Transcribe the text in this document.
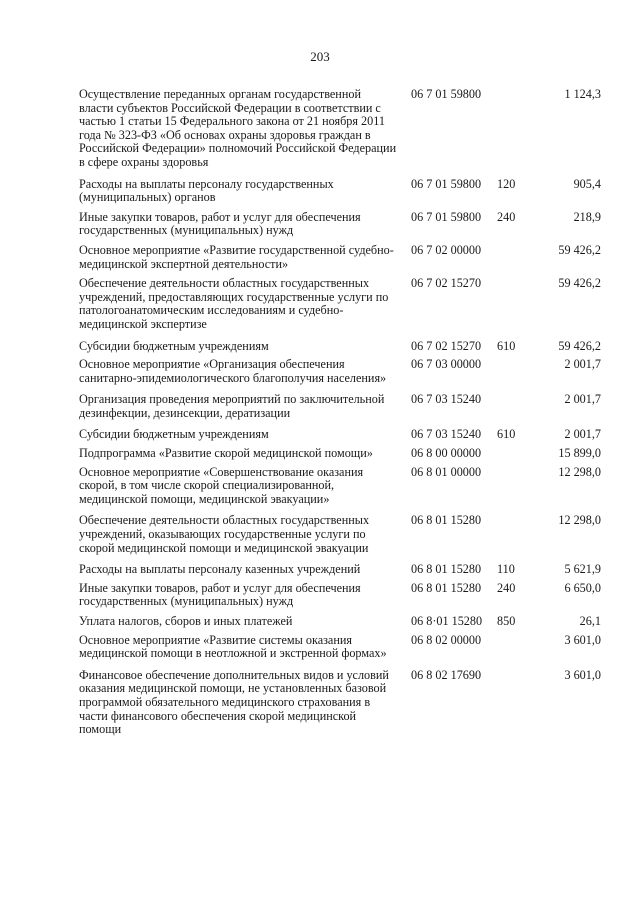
203
Осуществление переданных органам государственной власти субъектов Российской Федерации в соответствии с частью 1 статьи 15 Федерального закона от 21 ноября 2011 года № 323-ФЗ «Об основах охраны здоровья граждан в Российской Федерации» полномочий Российской Федерации в сфере охраны здоровья
06 7 01 59800	1 124,3
Расходы на выплаты персоналу государственных (муниципальных) органов
06 7 01 59800 120	905,4
Иные закупки товаров, работ и услуг для обеспечения государственных (муниципальных) нужд
06 7 01 59800 240	218,9
Основное мероприятие «Развитие государственной судебно-медицинской экспертной деятельности»
06 7 02 00000	59 426,2
Обеспечение деятельности областных государственных учреждений, предоставляющих государственные услуги по патологоанатомическим исследованиям и судебно-медицинской экспертизе
06 7 02 15270	59 426,2
Субсидии бюджетным учреждениям	06 7 02 15270 610	59 426,2
Основное мероприятие «Организация обеспечения санитарно-эпидемиологического благополучия населения»
06 7 03 00000	2 001,7
Организация проведения мероприятий по заключительной дезинфекции, дезинсекции, дератизации
06 7 03 15240	2 001,7
Субсидии бюджетным учреждениям	06 7 03 15240 610	2 001,7
Подпрограмма «Развитие скорой медицинской помощи»	06 8 00 00000	15 899,0
Основное мероприятие «Совершенствование оказания скорой, в том числе скорой специализированной, медицинской помощи, медицинской эвакуации»
06 8 01 00000	12 298,0
Обеспечение деятельности областных государственных учреждений, оказывающих государственные услуги по скорой медицинской помощи и медицинской эвакуации
06 8 01 15280	12 298,0
Расходы на выплаты персоналу казенных учреждений	06 8 01 15280 110	5 621,9
Иные закупки товаров, работ и услуг для обеспечения государственных (муниципальных) нужд
06 8 01 15280 240	6 650,0
Уплата налогов, сборов и иных платежей	06 8·01 15280 850	26,1
Основное мероприятие «Развитие системы оказания медицинской помощи в неотложной и экстренной формах»
06 8 02 00000	3 601,0
Финансовое обеспечение дополнительных видов и условий оказания медицинской помощи, не установленных базовой программой обязательного медицинского страхования в части финансового обеспечения скорой медицинской помощи
06 8 02 17690	3 601,0
